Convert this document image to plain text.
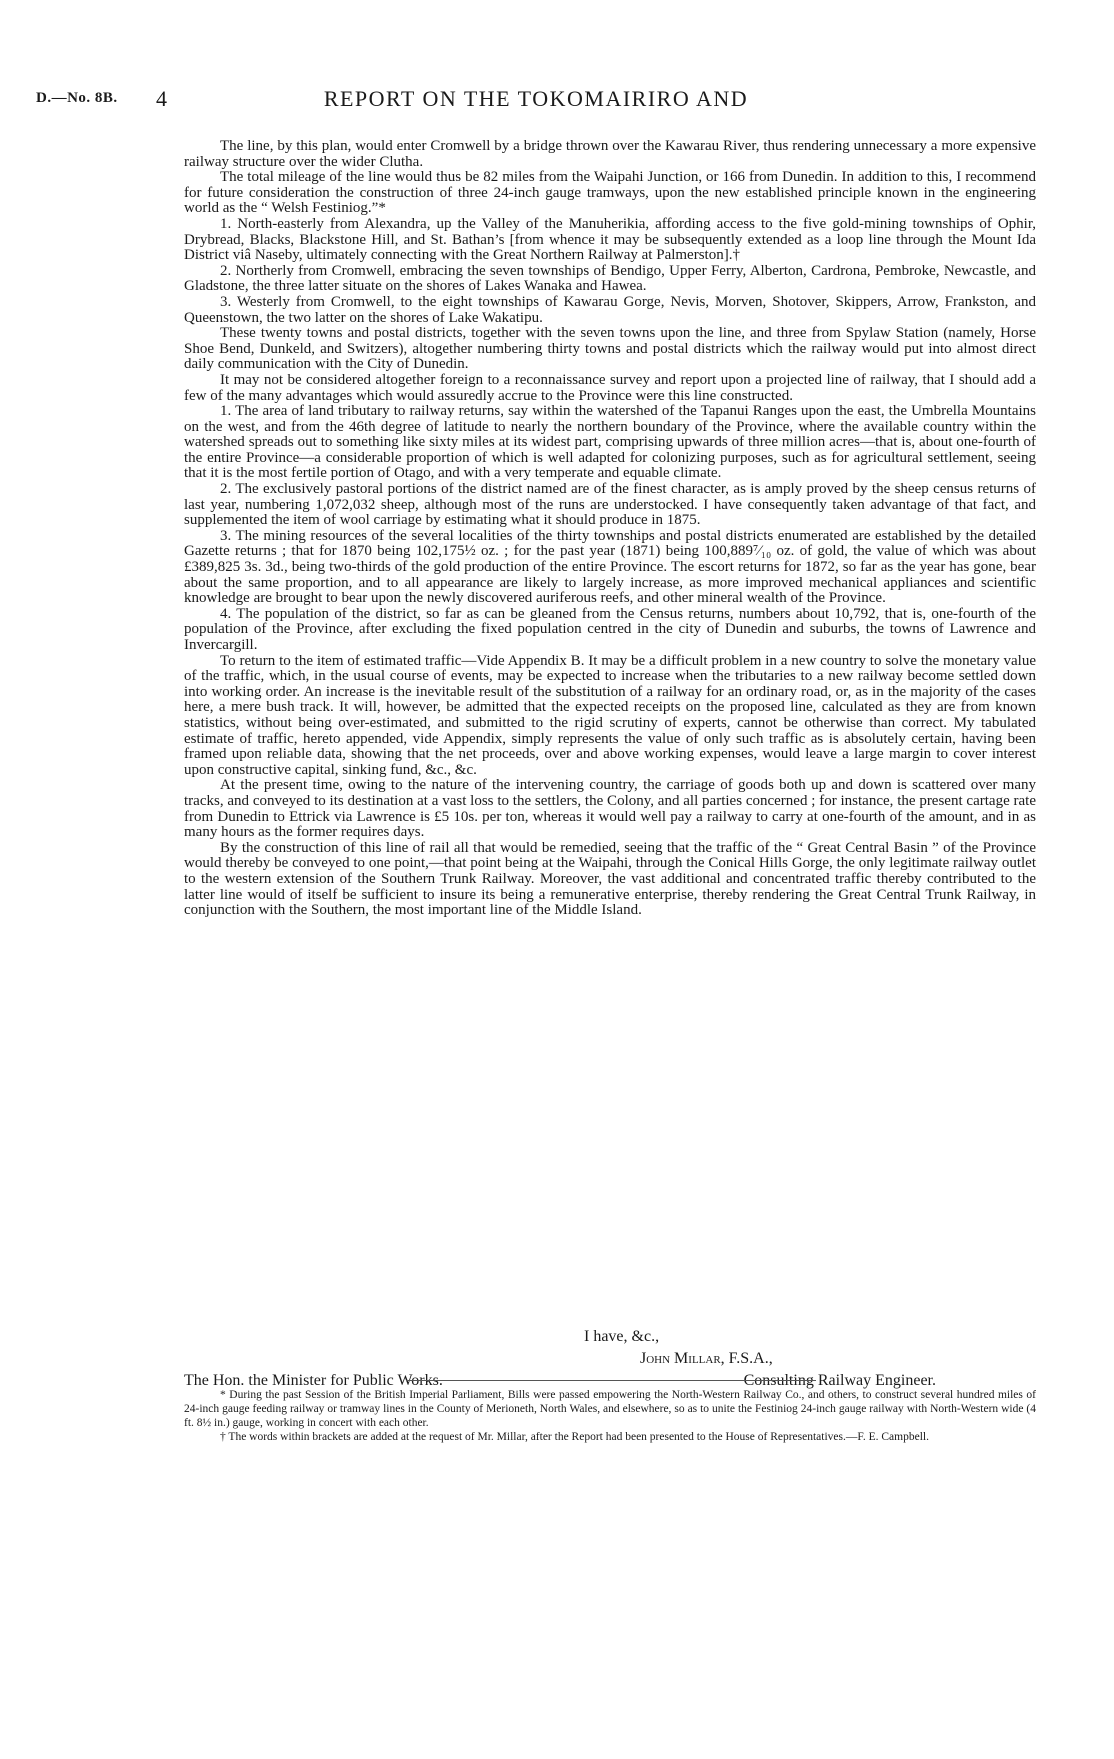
D.—No. 8B. 4	REPORT ON THE TOKOMAIRIRO AND

The line, by this plan, would enter Cromwell by a bridge thrown over the Kawarau River, thus rendering unnecessary a more expensive railway structure over the wider Clutha.

The total mileage of the line would thus be 82 miles from the Waipahi Junction, or 166 from Dunedin. In addition to this, I recommend for future consideration the construction of three 24-inch gauge tramways, upon the new established principle known in the engineering world as the “ Welsh Festiniog.”*

1. North-easterly from Alexandra, up the Valley of the Manuherikia, affording access to the five gold-mining townships of Ophir, Drybread, Blacks, Blackstone Hill, and St. Bathan’s [from whence it may be subsequently extended as a loop line through the Mount Ida District viâ Naseby, ultimately connecting with the Great Northern Railway at Palmerston].†

2. Northerly from Cromwell, embracing the seven townships of Bendigo, Upper Ferry, Alberton, Cardrona, Pembroke, Newcastle, and Gladstone, the three latter situate on the shores of Lakes Wanaka and Hawea.

3. Westerly from Cromwell, to the eight townships of Kawarau Gorge, Nevis, Morven, Shotover, Skippers, Arrow, Frankston, and Queenstown, the two latter on the shores of Lake Wakatipu.

These twenty towns and postal districts, together with the seven towns upon the line, and three from Spylaw Station (namely, Horse Shoe Bend, Dunkeld, and Switzers), altogether numbering thirty towns and postal districts which the railway would put into almost direct daily communication with the City of Dunedin.

It may not be considered altogether foreign to a reconnaissance survey and report upon a projected line of railway, that I should add a few of the many advantages which would assuredly accrue to the Province were this line constructed.

1. The area of land tributary to railway returns, say within the watershed of the Tapanui Ranges upon the east, the Umbrella Mountains on the west, and from the 46th degree of latitude to nearly the northern boundary of the Province, where the available country within the watershed spreads out to something like sixty miles at its widest part, comprising upwards of three million acres—that is, about one-fourth of the entire Province—a considerable proportion of which is well adapted for colonizing purposes, such as for agricultural settlement, seeing that it is the most fertile portion of Otago, and with a very temperate and equable climate.

2. The exclusively pastoral portions of the district named are of the finest character, as is amply proved by the sheep census returns of last year, numbering 1,072,032 sheep, although most of the runs are understocked. I have consequently taken advantage of that fact, and supplemented the item of wool carriage by estimating what it should produce in 1875.

3. The mining resources of the several localities of the thirty townships and postal districts enumerated are established by the detailed Gazette returns ; that for 1870 being 102,175½ oz. ; for the past year (1871) being 100,889⁷⁄₁₀ oz. of gold, the value of which was about £389,825 3s. 3d., being two-thirds of the gold production of the entire Province. The escort returns for 1872, so far as the year has gone, bear about the same proportion, and to all appearance are likely to largely increase, as more improved mechanical appliances and scientific knowledge are brought to bear upon the newly discovered auriferous reefs, and other mineral wealth of the Province.

4. The population of the district, so far as can be gleaned from the Census returns, numbers about 10,792, that is, one-fourth of the population of the Province, after excluding the fixed population centred in the city of Dunedin and suburbs, the towns of Lawrence and Invercargill.

To return to the item of estimated traffic—Vide Appendix B. It may be a difficult problem in a new country to solve the monetary value of the traffic, which, in the usual course of events, may be expected to increase when the tributaries to a new railway become settled down into working order. An increase is the inevitable result of the substitution of a railway for an ordinary road, or, as in the majority of the cases here, a mere bush track. It will, however, be admitted that the expected receipts on the proposed line, calculated as they are from known statistics, without being over-estimated, and submitted to the rigid scrutiny of experts, cannot be otherwise than correct. My tabulated estimate of traffic, hereto appended, vide Appendix, simply represents the value of only such traffic as is absolutely certain, having been framed upon reliable data, showing that the net proceeds, over and above working expenses, would leave a large margin to cover interest upon constructive capital, sinking fund, &c., &c.

At the present time, owing to the nature of the intervening country, the carriage of goods both up and down is scattered over many tracks, and conveyed to its destination at a vast loss to the settlers, the Colony, and all parties concerned ; for instance, the present cartage rate from Dunedin to Ettrick via Lawrence is £5 10s. per ton, whereas it would well pay a railway to carry at one-fourth of the amount, and in as many hours as the former requires days.

By the construction of this line of rail all that would be remedied, seeing that the traffic of the “ Great Central Basin ” of the Province would thereby be conveyed to one point,—that point being at the Waipahi, through the Conical Hills Gorge, the only legitimate railway outlet to the western extension of the Southern Trunk Railway. Moreover, the vast additional and concentrated traffic thereby contributed to the latter line would of itself be sufficient to insure its being a remunerative enterprise, thereby rendering the Great Central Trunk Railway, in conjunction with the Southern, the most important line of the Middle Island.

I have, &c.,
John Millar, F.S.A.,
The Hon. the Minister for Public Works.	Consulting Railway Engineer.

* During the past Session of the British Imperial Parliament, Bills were passed empowering the North-Western Railway Co., and others, to construct several hundred miles of 24-inch gauge feeding railway or tramway lines in the County of Merioneth, North Wales, and elsewhere, so as to unite the Festiniog 24-inch gauge railway with North-Western wide (4 ft. 8½ in.) gauge, working in concert with each other.

† The words within brackets are added at the request of Mr. Millar, after the Report had been presented to the House of Representatives.—F. E. Campbell.
